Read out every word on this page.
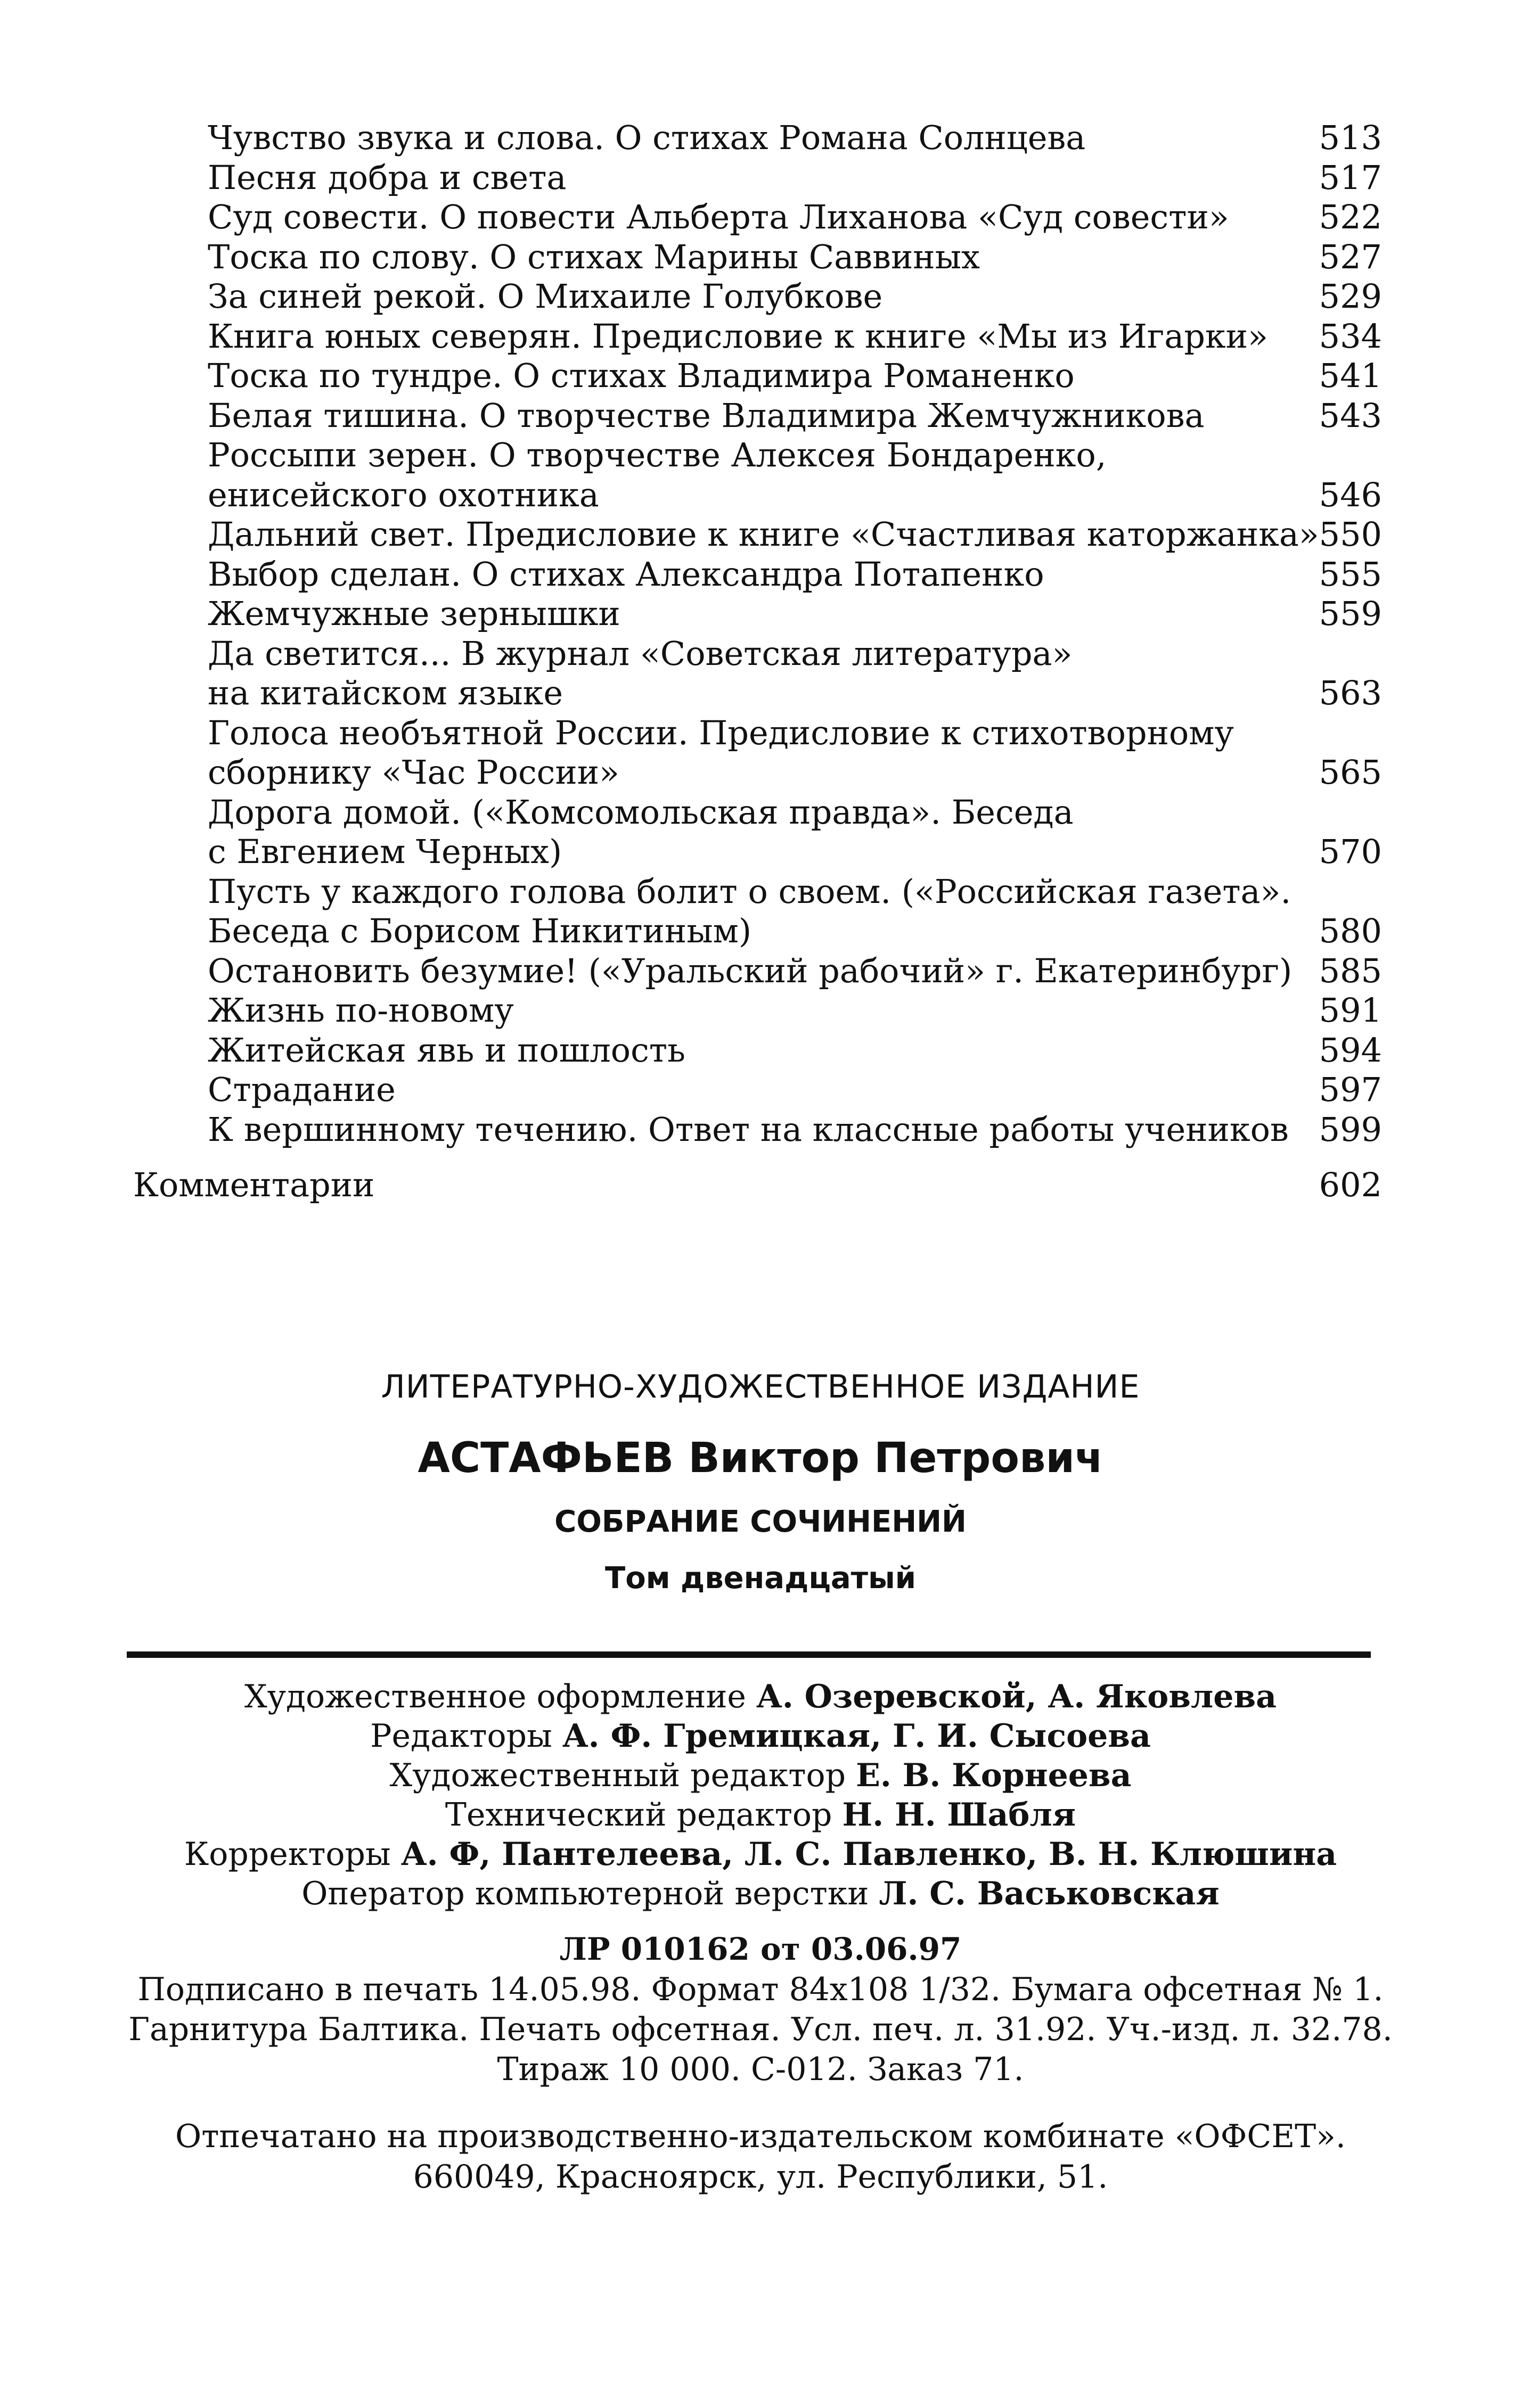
Чувство звука и слова. О стихах Романа Солнцева	513
Песня добра и света	517
Суд совести. О повести Альберта Лиханова «Суд совести»	522
Тоска по слову. О стихах Марины Саввиных	527
За синей рекой. О Михаиле Голубкове	529
Книга юных северян. Предисловие к книге «Мы из Игарки»	534
Тоска по тундре. О стихах Владимира Романенко	541
Белая тишина. О творчестве Владимира Жемчужникова	543
Россыпи зерен. О творчестве Алексея Бондаренко,
енисейского охотника	546
Дальний свет. Предисловие к книге «Счастливая каторжанка» 550
Выбор сделан. О стихах Александра Потапенко	555
Жемчужные зернышки	559
Да светится... В журнал «Советская литература»
на китайском языке	563
Голоса необъятной России. Предисловие к стихотворному
сборнику «Час России»	565
Дорога домой. («Комсомольская правда». Беседа
с Евгением Черных)	570
Пусть у каждого голова болит о своем. («Российская газета».
Беседа с Борисом Никитиным)	580
Остановить безумие! («Уральский рабочий» г. Екатеринбург) 585
Жизнь по-новому	591
Житейская явь и пошлость	594
Страдание	597
К вершинному течению. Ответ на классные работы учеников 599
Комментарии	602
ЛИТЕРАТУРНО-ХУДОЖЕСТВЕННОЕ ИЗДАНИЕ
АСТАФЬЕВ Виктор Петрович
СОБРАНИЕ СОЧИНЕНИЙ
Том двенадцатый
Художественное оформление А. Озеревской, А. Яковлева
Редакторы А. Ф. Гремицкая, Г. И. Сысоева
Художественный редактор Е. В. Корнеева
Технический редактор Н. Н. Шабля
Корректоры А. Ф, Пантелеева, Л. С. Павленко, В. Н. Клюшина
Оператор компьютерной верстки Л. С. Васьковская
ЛР 010162 от 03.06.97
Подписано в печать 14.05.98. Формат 84х108 1/32. Бумага офсетная № 1.
Гарнитура Балтика. Печать офсетная. Усл. печ. л. 31.92. Уч.-изд. л. 32.78.
Тираж 10 000. С-012. Заказ 71.
Отпечатано на производственно-издательском комбинате «ОФСЕТ».
660049, Красноярск, ул. Республики, 51.
